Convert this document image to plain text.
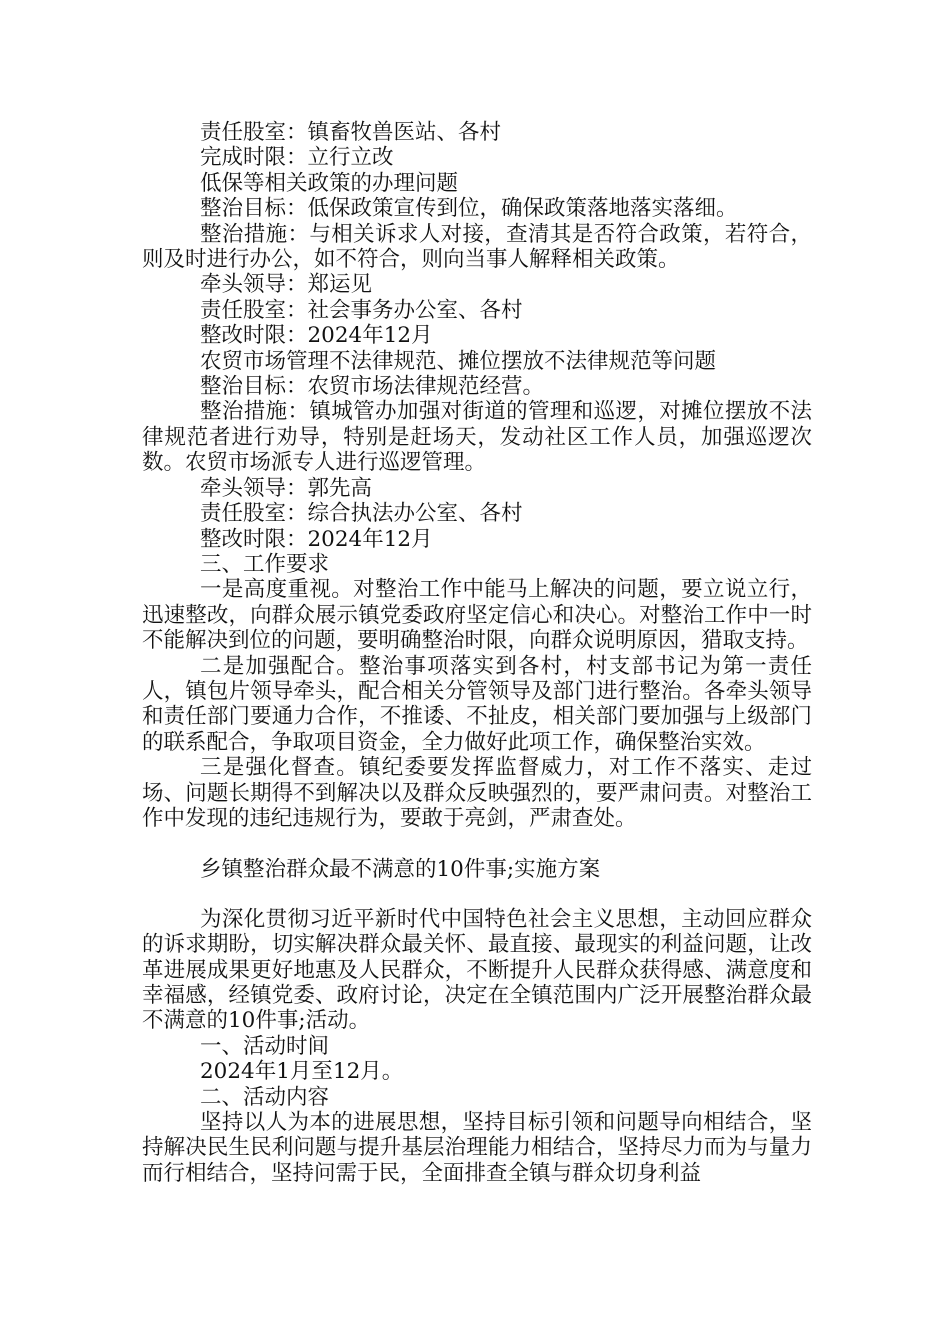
责任股室：镇畜牧兽医站、各村

完成时限：立行立改

低保等相关政策的办理问题

整治目标：低保政策宣传到位，确保政策落地落实落细。

整治措施：与相关诉求人对接，查清其是否符合政策，若符合，则及时进行办公，如不符合，则向当事人解释相关政策。

牵头领导：郑运见

责任股室：社会事务办公室、各村

整改时限：2024年12月

农贸市场管理不法律规范、摊位摆放不法律规范等问题

整治目标：农贸市场法律规范经营。

整治措施：镇城管办加强对街道的管理和巡逻，对摊位摆放不法律规范者进行劝导，特别是赶场天，发动社区工作人员，加强巡逻次数。农贸市场派专人进行巡逻管理。

牵头领导：郭先高

责任股室：综合执法办公室、各村

整改时限：2024年12月

三、工作要求

一是高度重视。对整治工作中能马上解决的问题，要立说立行，迅速整改，向群众展示镇党委政府坚定信心和决心。对整治工作中一时不能解决到位的问题，要明确整治时限，向群众说明原因，猎取支持。

二是加强配合。整治事项落实到各村，村支部书记为第一责任人，镇包片领导牵头，配合相关分管领导及部门进行整治。各牵头领导和责任部门要通力合作，不推诿、不扯皮，相关部门要加强与上级部门的联系配合，争取项目资金，全力做好此项工作，确保整治实效。

三是强化督查。镇纪委要发挥监督威力，对工作不落实、走过场、问题长期得不到解决以及群众反映强烈的，要严肃问责。对整治工作中发现的违纪违规行为，要敢于亮剑，严肃查处。

乡镇整治群众最不满意的10件事;实施方案

为深化贯彻习近平新时代中国特色社会主义思想，主动回应群众的诉求期盼，切实解决群众最关怀、最直接、最现实的利益问题，让改革进展成果更好地惠及人民群众，不断提升人民群众获得感、满意度和幸福感，经镇党委、政府讨论，决定在全镇范围内广泛开展整治群众最不满意的10件事;活动。

一、活动时间

2024年1月至12月。

二、活动内容

坚持以人为本的进展思想，坚持目标引领和问题导向相结合，坚持解决民生民利问题与提升基层治理能力相结合，坚持尽力而为与量力而行相结合，坚持问需于民，全面排查全镇与群众切身利益
